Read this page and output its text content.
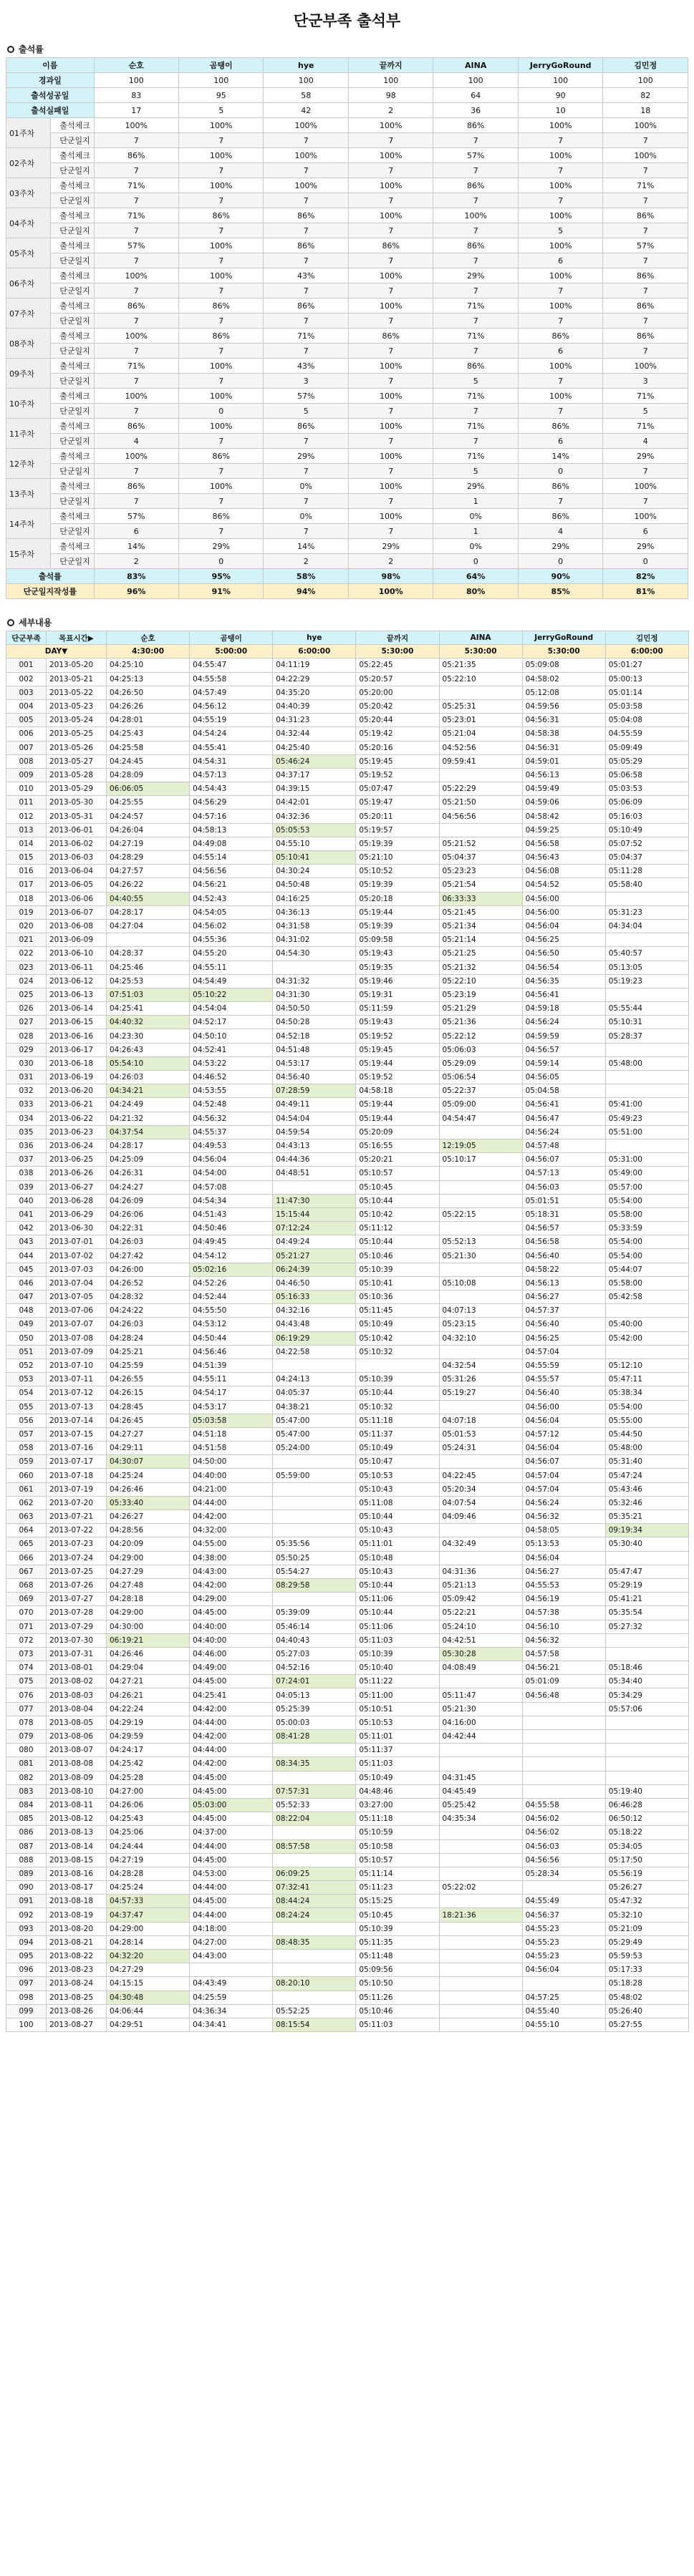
단군부족 출석부
출석률
이름		순호	곰탱이	hye	끝까지	AINA	JerryGoRound	김민정
경과일		100	100	100	100	100	100	100
출석성공일		83	95	58	98	64	90	82
출석실패일		17	5	42	2	36	10	18
01주차	출석체크	100%	100%	100%	100%	86%	100%	100%
	단군일지	7	7	7	7	7	7	7
02주차	출석체크	86%	100%	100%	100%	57%	100%	100%
	단군일지	7	7	7	7	7	7	7
03주차	출석체크	71%	100%	100%	100%	86%	100%	71%
	단군일지	7	7	7	7	7	7	7
04주차	출석체크	71%	86%	86%	100%	100%	100%	86%
	단군일지	7	7	7	7	7	5	7
05주차	출석체크	57%	100%	86%	86%	86%	100%	57%
	단군일지	7	7	7	7	7	6	7
06주차	출석체크	100%	100%	43%	100%	29%	100%	86%
	단군일지	7	7	7	7	7	7	7
07주차	출석체크	86%	86%	86%	100%	71%	100%	86%
	단군일지	7	7	7	7	7	7	7
08주차	출석체크	100%	86%	71%	86%	71%	86%	86%
	단군일지	7	7	7	7	7	6	7
09주차	출석체크	71%	100%	43%	100%	86%	100%	100%
	단군일지	7	7	3	7	5	7	3
10주차	출석체크	100%	100%	57%	100%	71%	100%	71%
	단군일지	7	0	5	7	7	7	5
11주차	출석체크	86%	100%	86%	100%	71%	86%	71%
	단군일지	4	7	7	7	7	6	4
12주차	출석체크	100%	86%	29%	100%	71%	14%	29%
	단군일지	7	7	7	7	5	0	7
13주차	출석체크	86%	100%	0%	100%	29%	86%	100%
	단군일지	7	7	7	7	1	7	7
14주차	출석체크	57%	86%	0%	100%	0%	86%	100%
	단군일지	6	7	7	7	1	4	6
15주차	출석체크	14%	29%	14%	29%	0%	29%	29%
	단군일지	2	0	2	2	0	0	0
출석률		83%	95%	58%	98%	64%	90%	82%
단군일지작성률		96%	91%	94%	100%	80%	85%	81%
세부내용
단군부족	목표시간▶	순호	곰탱이	hye	끝까지	AINA	JerryGoRound	김민정
DAY▼		4:30:00	5:00:00	6:00:00	5:30:00	5:30:00	5:30:00	6:00:00
001	2013-05-20	04:25:10	04:55:47	04:11:19	05:22:45	05:21:35	05:09:08	05:01:27
002	2013-05-21	04:25:13	04:55:58	04:22:29	05:20:57	05:22:10	04:58:02	05:00:13
003	2013-05-22	04:26:50	04:57:49	04:35:20	05:20:00		05:12:08	05:01:14
004	2013-05-23	04:26:26	04:56:12	04:40:39	05:20:42	05:25:31	04:59:56	05:03:58
005	2013-05-24	04:28:01	04:55:19	04:31:23	05:20:44	05:23:01	04:56:31	05:04:08
006	2013-05-25	04:25:43	04:54:24	04:32:44	05:19:42	05:21:04	04:58:38	04:55:59
007	2013-05-26	04:25:58	04:55:41	04:25:40	05:20:16	04:52:56	04:56:31	05:09:49
008	2013-05-27	04:24:45	04:54:31	05:46:24	05:19:45	09:59:41	04:59:01	05:05:29
009	2013-05-28	04:28:09	04:57:13	04:37:17	05:19:52		04:56:13	05:06:58
010	2013-05-29	06:06:05	04:54:43	04:39:15	05:07:47	05:22:29	04:59:49	05:03:53
011	2013-05-30	04:25:55	04:56:29	04:42:01	05:19:47	05:21:50	04:59:06	05:06:09
012	2013-05-31	04:24:57	04:57:16	04:32:36	05:20:11	04:56:56	04:58:42	05:16:03
013	2013-06-01	04:26:04	04:58:13	05:05:53	05:19:57		04:59:25	05:10:49
014	2013-06-02	04:27:19	04:49:08	04:55:10	05:19:39	05:21:52	04:56:58	05:07:52
015	2013-06-03	04:28:29	04:55:14	05:10:41	05:21:10	05:04:37	04:56:43	05:04:37
016	2013-06-04	04:27:57	04:56:56	04:30:24	05:10:52	05:23:23	04:56:08	05:11:28
017	2013-06-05	04:26:22	04:56:21	04:50:48	05:19:39	05:21:54	04:54:52	05:58:40
018	2013-06-06	04:40:55	04:52:43	04:16:25	05:20:18	06:33:33	04:56:00	
019	2013-06-07	04:28:17	04:54:05	04:36:13	05:19:44	05:21:45	04:56:00	05:31:23
020	2013-06-08	04:27:04	04:56:02	04:31:58	05:19:39	05:21:34	04:56:04	04:34:04
021	2013-06-09		04:55:36	04:31:02	05:09:58	05:21:14	04:56:25	
022	2013-06-10	04:28:37	04:55:20	04:54:30	05:19:43	05:21:25	04:56:50	05:40:57
023	2013-06-11	04:25:46	04:55:11		05:19:35	05:21:32	04:56:54	05:13:05
024	2013-06-12	04:25:53	04:54:49	04:31:32	05:19:46	05:22:10	04:56:35	05:19:23
025	2013-06-13	07:51:03	05:10:22	04:31:30	05:19:31	05:23:19	04:56:41	
026	2013-06-14	04:25:41	04:54:04	04:50:50	05:11:59	05:21:29	04:59:18	05:55:44
027	2013-06-15	04:40:32	04:52:17	04:50:28	05:19:43	05:21:36	04:56:24	05:10:31
028	2013-06-16	04:23:30	04:50:10	04:52:18	05:19:52	05:22:12	04:59:59	05:28:37
029	2013-06-17	04:26:43	04:52:41	04:51:48	05:19:45	05:06:03	04:56:57	
030	2013-06-18	05:54:10	04:53:22	04:53:17	05:19:44	05:29:09	04:59:14	05:48:00
031	2013-06-19	04:26:03	04:46:52	04:56:40	05:19:52	05:06:54	04:56:05	
032	2013-06-20	04:34:21	04:53:55	07:28:59	04:58:18	05:22:37	05:04:58	
033	2013-06-21	04:24:49	04:52:48	04:49:11	05:19:44	05:09:00	04:56:41	05:41:00
034	2013-06-22	04:21:32	04:56:32	04:54:04	05:19:44	04:54:47	04:56:47	05:49:23
035	2013-06-23	04:37:54	04:55:37	04:59:54	05:20:09		04:56:24	05:51:00
036	2013-06-24	04:28:17	04:49:53	04:43:13	05:16:55	12:19:05	04:57:48	
037	2013-06-25	04:25:09	04:56:04	04:44:36	05:20:21	05:10:17	04:56:07	05:31:00
038	2013-06-26	04:26:31	04:54:00	04:48:51	05:10:57		04:57:13	05:49:00
039	2013-06-27	04:24:27	04:57:08		05:10:45		04:56:03	05:57:00
040	2013-06-28	04:26:09	04:54:34	11:47:30	05:10:44		05:01:51	05:54:00
041	2013-06-29	04:26:06	04:51:43	15:15:44	05:10:42	05:22:15	05:18:31	05:58:00
042	2013-06-30	04:22:31	04:50:46	07:12:24	05:11:12		04:56:57	05:33:59
043	2013-07-01	04:26:03	04:49:45	04:49:24	05:10:44	05:52:13	04:56:58	05:54:00
044	2013-07-02	04:27:42	04:54:12	05:21:27	05:10:46	05:21:30	04:56:40	05:54:00
045	2013-07-03	04:26:00	05:02:16	06:24:39	05:10:39		04:58:22	05:44:07
046	2013-07-04	04:26:52	04:52:26	04:46:50	05:10:41	05:10:08	04:56:13	05:58:00
047	2013-07-05	04:28:32	04:52:44	05:16:33	05:10:36		04:56:27	05:42:58
048	2013-07-06	04:24:22	04:55:50	04:32:16	05:11:45	04:07:13	04:57:37	
049	2013-07-07	04:26:03	04:53:12	04:43:48	05:10:49	05:23:15	04:56:40	05:40:00
050	2013-07-08	04:28:24	04:50:44	06:19:29	05:10:42	04:32:10	04:56:25	05:42:00
051	2013-07-09	04:25:21	04:56:46	04:22:58	05:10:32		04:57:04	
052	2013-07-10	04:25:59	04:51:39			04:32:54	04:55:59	05:12:10
053	2013-07-11	04:26:55	04:55:11	04:24:13	05:10:39	05:31:26	04:55:57	05:47:11
054	2013-07-12	04:26:15	04:54:17	04:05:37	05:10:44	05:19:27	04:56:40	05:38:34
055	2013-07-13	04:28:45	04:53:17	04:38:21	05:10:32		04:56:00	05:54:00
056	2013-07-14	04:26:45	05:03:58	05:47:00	05:11:18	04:07:18	04:56:04	05:55:00
057	2013-07-15	04:27:27	04:51:18	05:47:00	05:11:37	05:01:53	04:57:12	05:44:50
058	2013-07-16	04:29:11	04:51:58	05:24:00	05:10:49	05:24:31	04:56:04	05:48:00
059	2013-07-17	04:30:07	04:50:00		05:10:47		04:56:07	05:31:40
060	2013-07-18	04:25:24	04:40:00	05:59:00	05:10:53	04:22:45	04:57:04	05:47:24
061	2013-07-19	04:26:46	04:21:00		05:10:43	05:20:34	04:57:04	05:43:46
062	2013-07-20	05:33:40	04:44:00		05:11:08	04:07:54	04:56:24	05:32:46
063	2013-07-21	04:26:27	04:42:00		05:10:44	04:09:46	04:56:32	05:35:21
064	2013-07-22	04:28:56	04:32:00		05:10:43		04:58:05	09:19:34
065	2013-07-23	04:20:09	04:55:00	05:35:56	05:11:01	04:32:49	05:13:53	05:30:40
066	2013-07-24	04:29:00	04:38:00	05:50:25	05:10:48		04:56:04	
067	2013-07-25	04:27:29	04:43:00	05:54:27	05:10:43	04:31:36	04:56:27	05:47:47
068	2013-07-26	04:27:48	04:42:00	08:29:58	05:10:44	05:21:13	04:55:53	05:29:19
069	2013-07-27	04:28:18	04:29:00		05:11:06	05:09:42	04:56:19	05:41:21
070	2013-07-28	04:29:00	04:45:00	05:39:09	05:10:44	05:22:21	04:57:38	05:35:54
071	2013-07-29	04:30:00	04:40:00	05:46:14	05:11:06	05:24:10	04:56:10	05:27:32
072	2013-07-30	06:19:21	04:40:00	04:40:43	05:11:03	04:42:51	04:56:32	
073	2013-07-31	04:26:46	04:46:00	05:27:03	05:10:39	05:30:28	04:57:58	
074	2013-08-01	04:29:04	04:49:00	04:52:16	05:10:40	04:08:49	04:56:21	05:18:46
075	2013-08-02	04:27:21	04:45:00	07:24:01	05:11:22		05:01:09	05:34:40
076	2013-08-03	04:26:21	04:25:41	04:05:13	05:11:00	05:11:47	04:56:48	05:34:29
077	2013-08-04	04:22:24	04:42:00	05:25:39	05:10:51	05:21:30		05:57:06
078	2013-08-05	04:29:19	04:44:00	05:00:03	05:10:53	04:16:00		
079	2013-08-06	04:29:59	04:42:00	08:41:28	05:11:01	04:42:44		
080	2013-08-07	04:24:17	04:44:00		05:11:37			
081	2013-08-08	04:25:42	04:42:00	08:34:35	05:11:03			
082	2013-08-09	04:25:28	04:45:00		05:10:49	04:31:45		
083	2013-08-10	04:27:00	04:45:00	07:57:31	04:48:46	04:45:49		05:19:40
084	2013-08-11	04:26:06	05:03:00	05:52:33	03:27:00	05:25:42	04:55:58	06:46:28
085	2013-08-12	04:25:43	04:45:00	08:22:04	05:11:18	04:35:34	04:56:02	06:50:12
086	2013-08-13	04:25:06	04:37:00		05:10:59		04:56:02	05:18:22
087	2013-08-14	04:24:44	04:44:00	08:57:58	05:10:58		04:56:03	05:34:05
088	2013-08-15	04:27:19	04:45:00		05:10:57		04:56:56	05:17:50
089	2013-08-16	04:28:28	04:53:00	06:09:25	05:11:14		05:28:34	05:56:19
090	2013-08-17	04:25:24	04:44:00	07:32:41	05:11:23	05:22:02		05:26:27
091	2013-08-18	04:57:33	04:45:00	08:44:24	05:15:25		04:55:49	05:47:32
092	2013-08-19	04:37:47	04:44:00	08:24:24	05:10:45	18:21:36	04:56:37	05:32:10
093	2013-08-20	04:29:00	04:18:00		05:10:39		04:55:23	05:21:09
094	2013-08-21	04:28:14	04:27:00	08:48:35	05:11:35		04:55:23	05:29:49
095	2013-08-22	04:32:20	04:43:00		05:11:48		04:55:23	05:59:53
096	2013-08-23	04:27:29			05:09:56		04:56:04	05:17:33
097	2013-08-24	04:15:15	04:43:49	08:20:10	05:10:50			05:18:28
098	2013-08-25	04:30:48	04:25:59		05:11:26		04:57:25	05:48:02
099	2013-08-26	04:06:44	04:36:34	05:52:25	05:10:46		04:55:40	05:26:40
100	2013-08-27	04:29:51	04:34:41	08:15:54	05:11:03		04:55:10	05:27:55
